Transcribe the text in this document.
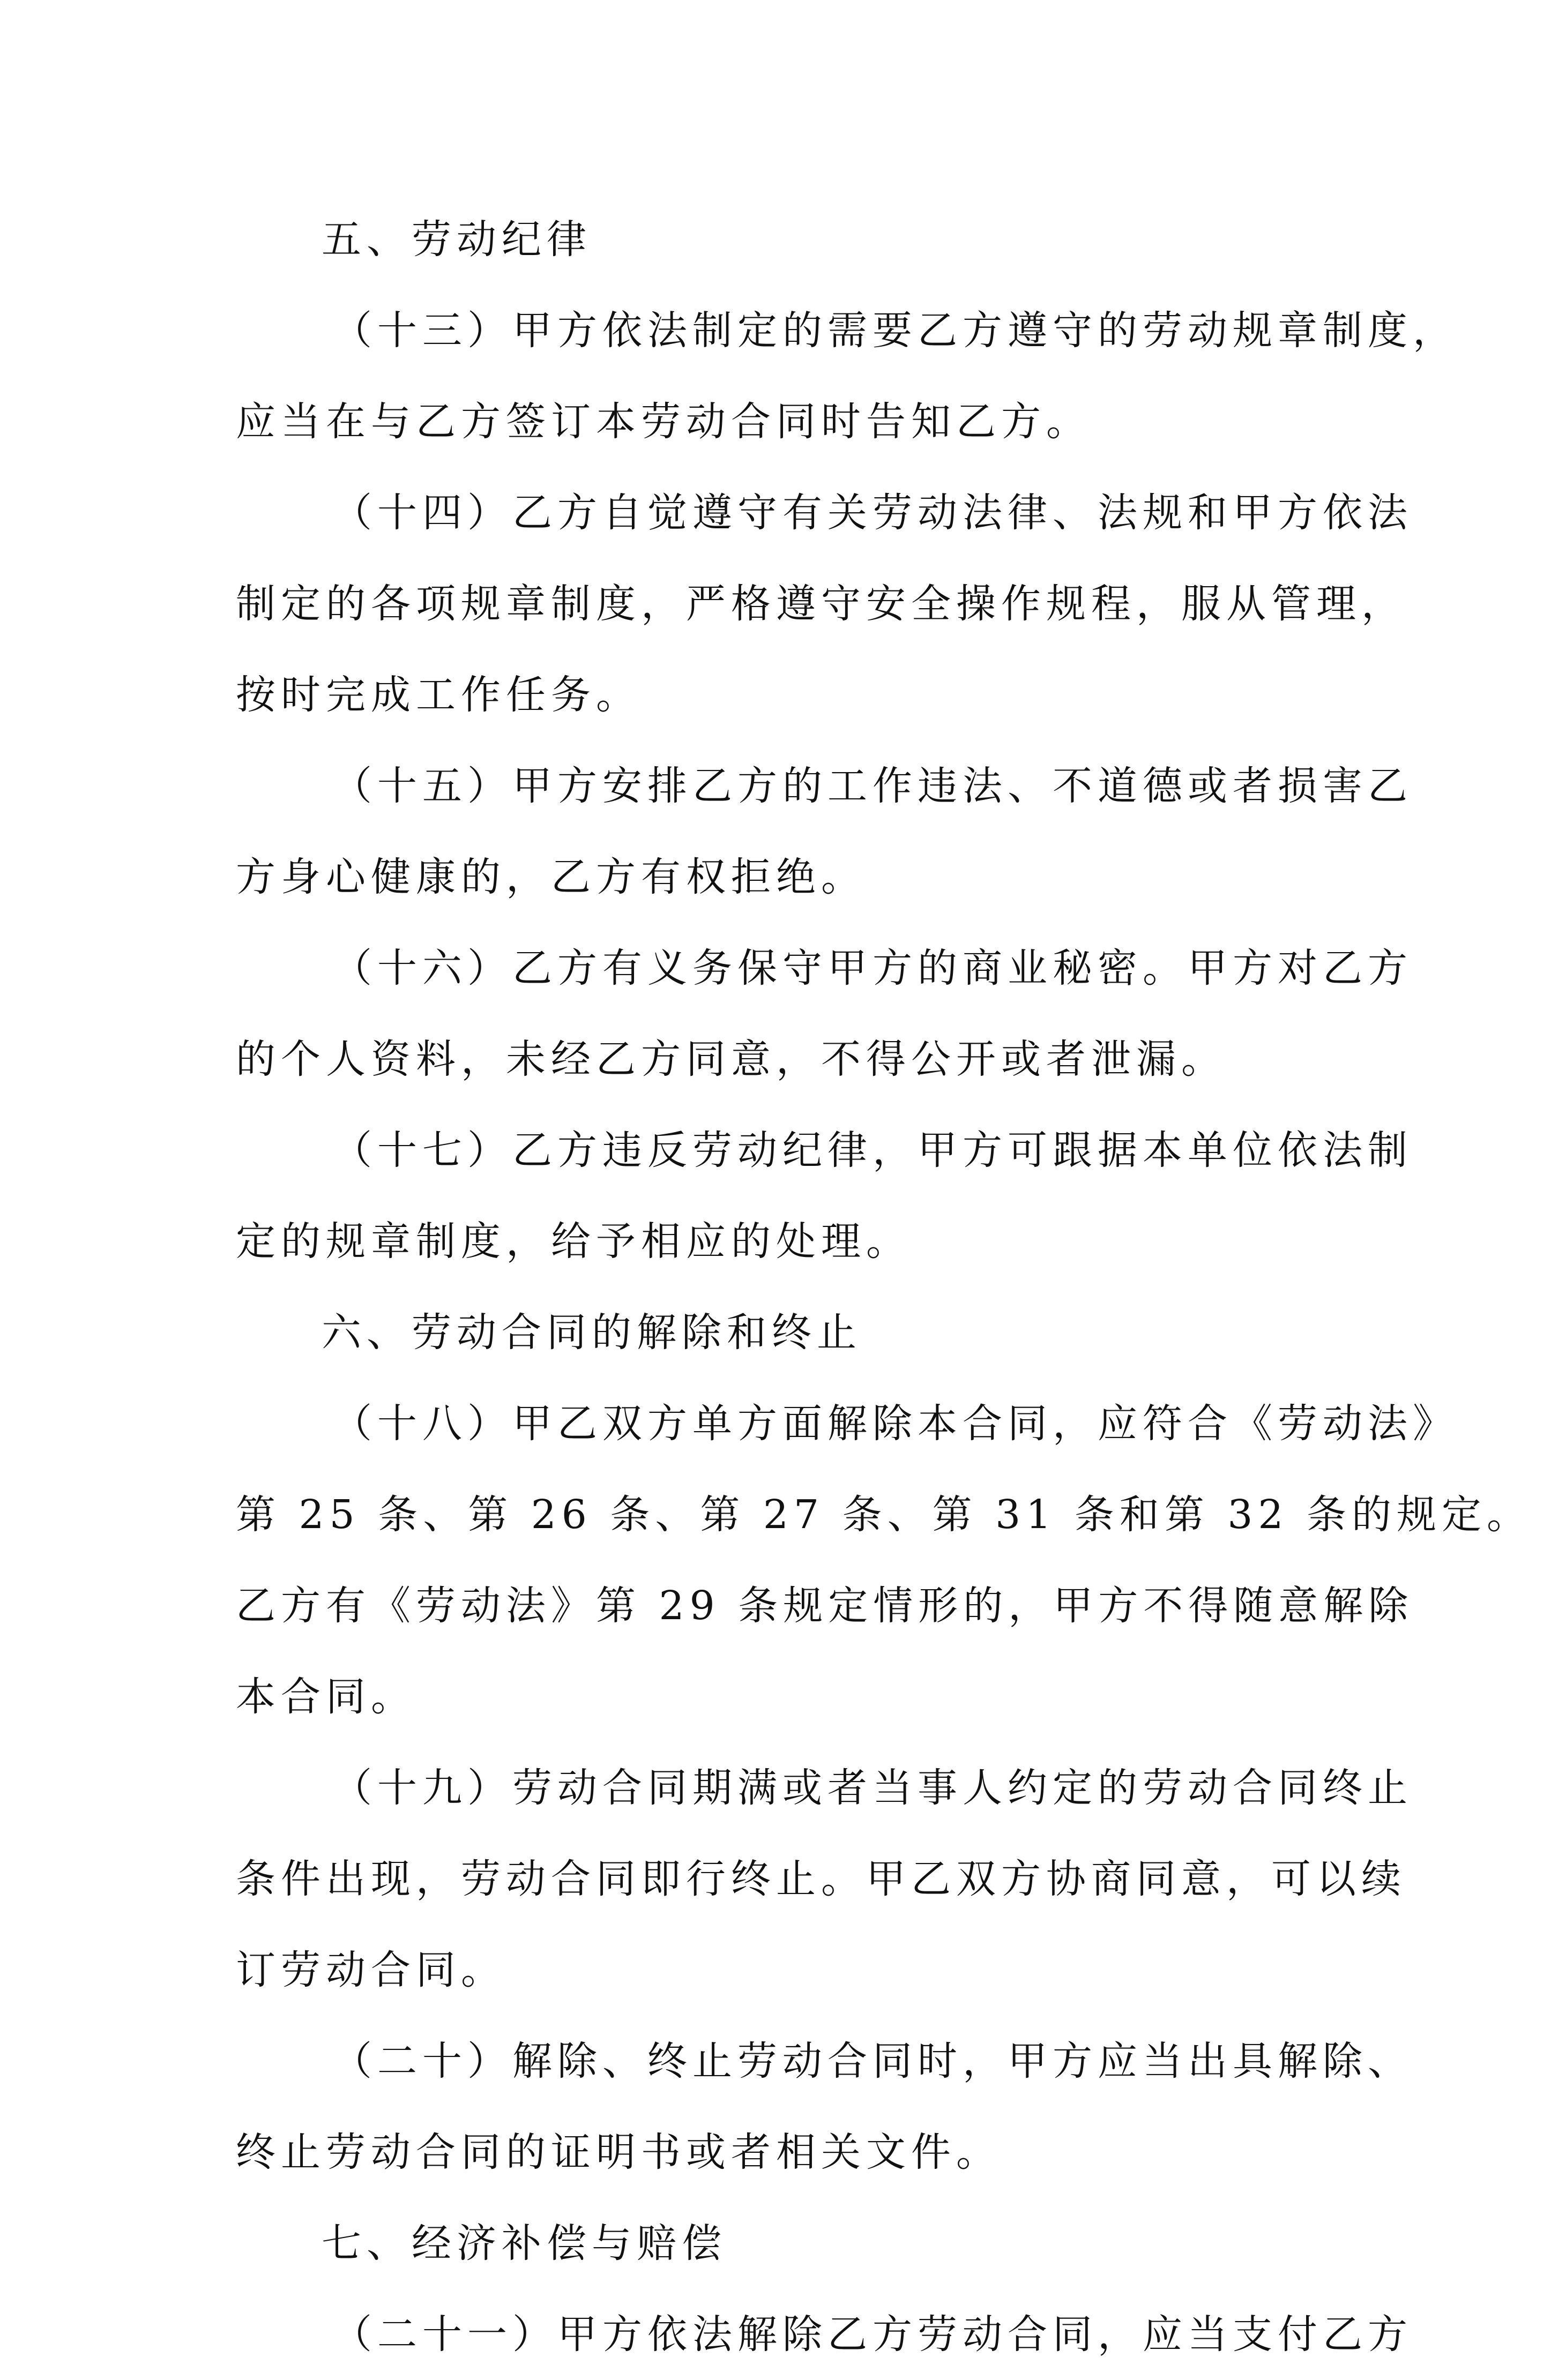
五、劳动纪律
（十三）甲方依法制定的需要乙方遵守的劳动规章制度，
应当在与乙方签订本劳动合同时告知乙方。
（十四）乙方自觉遵守有关劳动法律、法规和甲方依法
制定的各项规章制度，严格遵守安全操作规程，服从管理，
按时完成工作任务。
（十五）甲方安排乙方的工作违法、不道德或者损害乙
方身心健康的，乙方有权拒绝。
（十六）乙方有义务保守甲方的商业秘密。甲方对乙方
的个人资料，未经乙方同意，不得公开或者泄漏。
（十七）乙方违反劳动纪律，甲方可跟据本单位依法制
定的规章制度，给予相应的处理。
六、劳动合同的解除和终止
（十八）甲乙双方单方面解除本合同，应符合《劳动法》
第 25 条、第 26 条、第 27 条、第 31 条和第 32 条的规定。
乙方有《劳动法》第 29 条规定情形的，甲方不得随意解除
本合同。
（十九）劳动合同期满或者当事人约定的劳动合同终止
条件出现，劳动合同即行终止。甲乙双方协商同意，可以续
订劳动合同。
（二十）解除、终止劳动合同时，甲方应当出具解除、
终止劳动合同的证明书或者相关文件。
七、经济补偿与赔偿
（二十一）甲方依法解除乙方劳动合同，应当支付乙方
